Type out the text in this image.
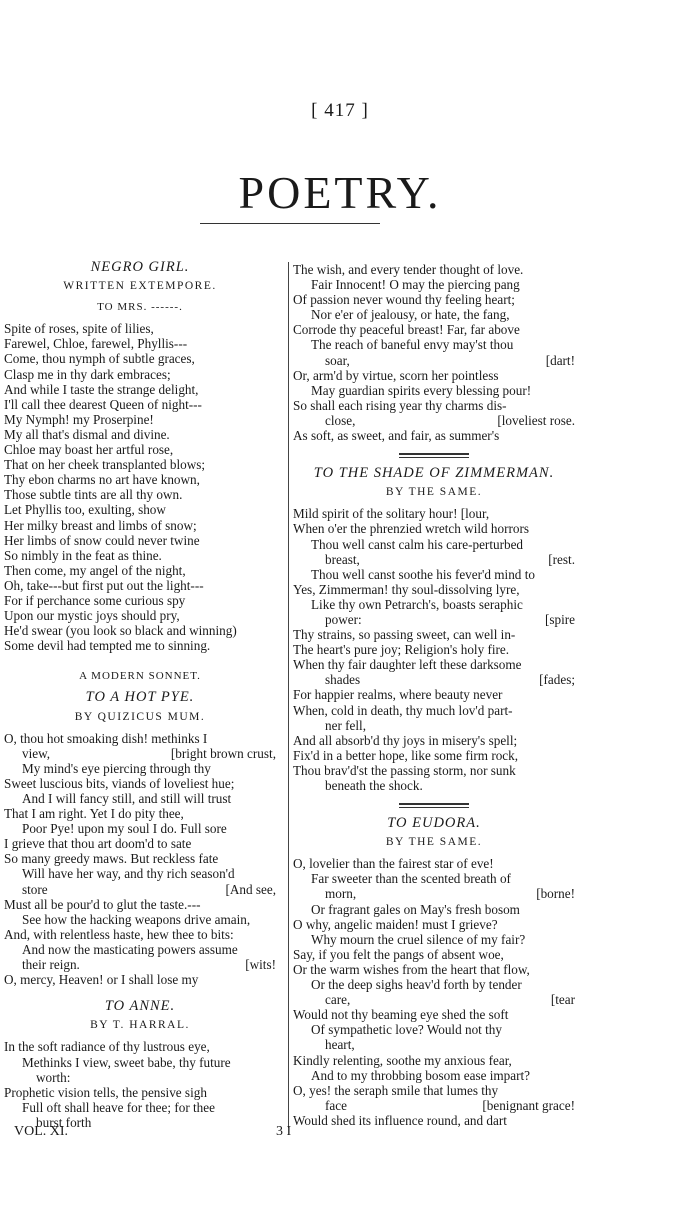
[ 417 ]
POETRY.
NEGRO GIRL.
WRITTEN EXTEMPORE.
TO MRS. ------.
Spite of roses, spite of lilies,
Farewel, Chloe, farewel, Phyllis---
Come, thou nymph of subtle graces,
Clasp me in thy dark embraces;
And while I taste the strange delight,
I'll call thee dearest Queen of night---
My Nymph! my Proserpine!
My all that's dismal and divine.
Chloe may boast her artful rose,
That on her cheek transplanted blows;
Thy ebon charms no art have known,
Those subtle tints are all thy own.
Let Phyllis too, exulting, show
Her milky breast and limbs of snow;
Her limbs of snow could never twine
So nimbly in the feat as thine.
Then come, my angel of the night,
Oh, take---but first put out the light---
For if perchance some curious spy
Upon our mystic joys should pry,
He'd swear (you look so black and winning)
Some devil had tempted me to sinning.
A MODERN SONNET.
TO A HOT PYE.
BY QUIZICUS MUM.
O, thou hot smoaking dish! methinks I
view,	[bright brown crust,
My mind's eye piercing through thy
Sweet luscious bits, viands of loveliest hue;
And I will fancy still, and still will trust
That I am right. Yet I do pity thee,
Poor Pye! upon my soul I do. Full sore
I grieve that thou art doom'd to sate
So many greedy maws. But reckless fate
Will have her way, and thy rich season'd
store	[And see,
Must all be pour'd to glut the taste.---
See how the hacking weapons drive amain,
And, with relentless haste, hew thee to bits:
And now the masticating powers assume
their reign.	[wits!
O, mercy, Heaven! or I shall lose my
TO ANNE.
BY T. HARRAL.
In the soft radiance of thy lustrous eye,
Methinks I view, sweet babe, thy future
worth:
Prophetic vision tells, the pensive sigh
Full oft shall heave for thee; for thee
burst forth
The wish, and every tender thought of love.
Fair Innocent! O may the piercing pang
Of passion never wound thy feeling heart;
Nor e'er of jealousy, or hate, the fang,
Corrode thy peaceful breast! Far, far above
The reach of baneful envy may'st thou
soar,	[dart!
Or, arm'd by virtue, scorn her pointless
May guardian spirits every blessing pour!
So shall each rising year thy charms dis-
close,	[loveliest rose.
As soft, as sweet, and fair, as summer's
TO THE SHADE OF ZIMMERMAN.
BY THE SAME.
Mild spirit of the solitary hour! [lour,
When o'er the phrenzied wretch wild horrors
Thou well canst calm his care-perturbed
breast,	[rest.
Thou well canst soothe his fever'd mind to
Yes, Zimmerman! thy soul-dissolving lyre,
Like thy own Petrarch's, boasts seraphic
power:	[spire
Thy strains, so passing sweet, can well in-
The heart's pure joy; Religion's holy fire.
When thy fair daughter left these darksome
shades	[fades;
For happier realms, where beauty never
When, cold in death, thy much lov'd part-
ner fell,
And all absorb'd thy joys in misery's spell;
Fix'd in a better hope, like some firm rock,
Thou brav'd'st the passing storm, nor sunk
beneath the shock.
TO EUDORA.
BY THE SAME.
O, lovelier than the fairest star of eve!
Far sweeter than the scented breath of
morn,	[borne!
Or fragrant gales on May's fresh bosom
O why, angelic maiden! must I grieve?
Why mourn the cruel silence of my fair?
Say, if you felt the pangs of absent woe,
Or the warm wishes from the heart that flow,
Or the deep sighs heav'd forth by tender
care,	[tear
Would not thy beaming eye shed the soft
Of sympathetic love? Would not thy
heart,
Kindly relenting, soothe my anxious fear,
And to my throbbing bosom ease impart?
O, yes! the seraph smile that lumes thy
face	[benignant grace!
Would shed its influence round, and dart
VOL. XI.	3 I
